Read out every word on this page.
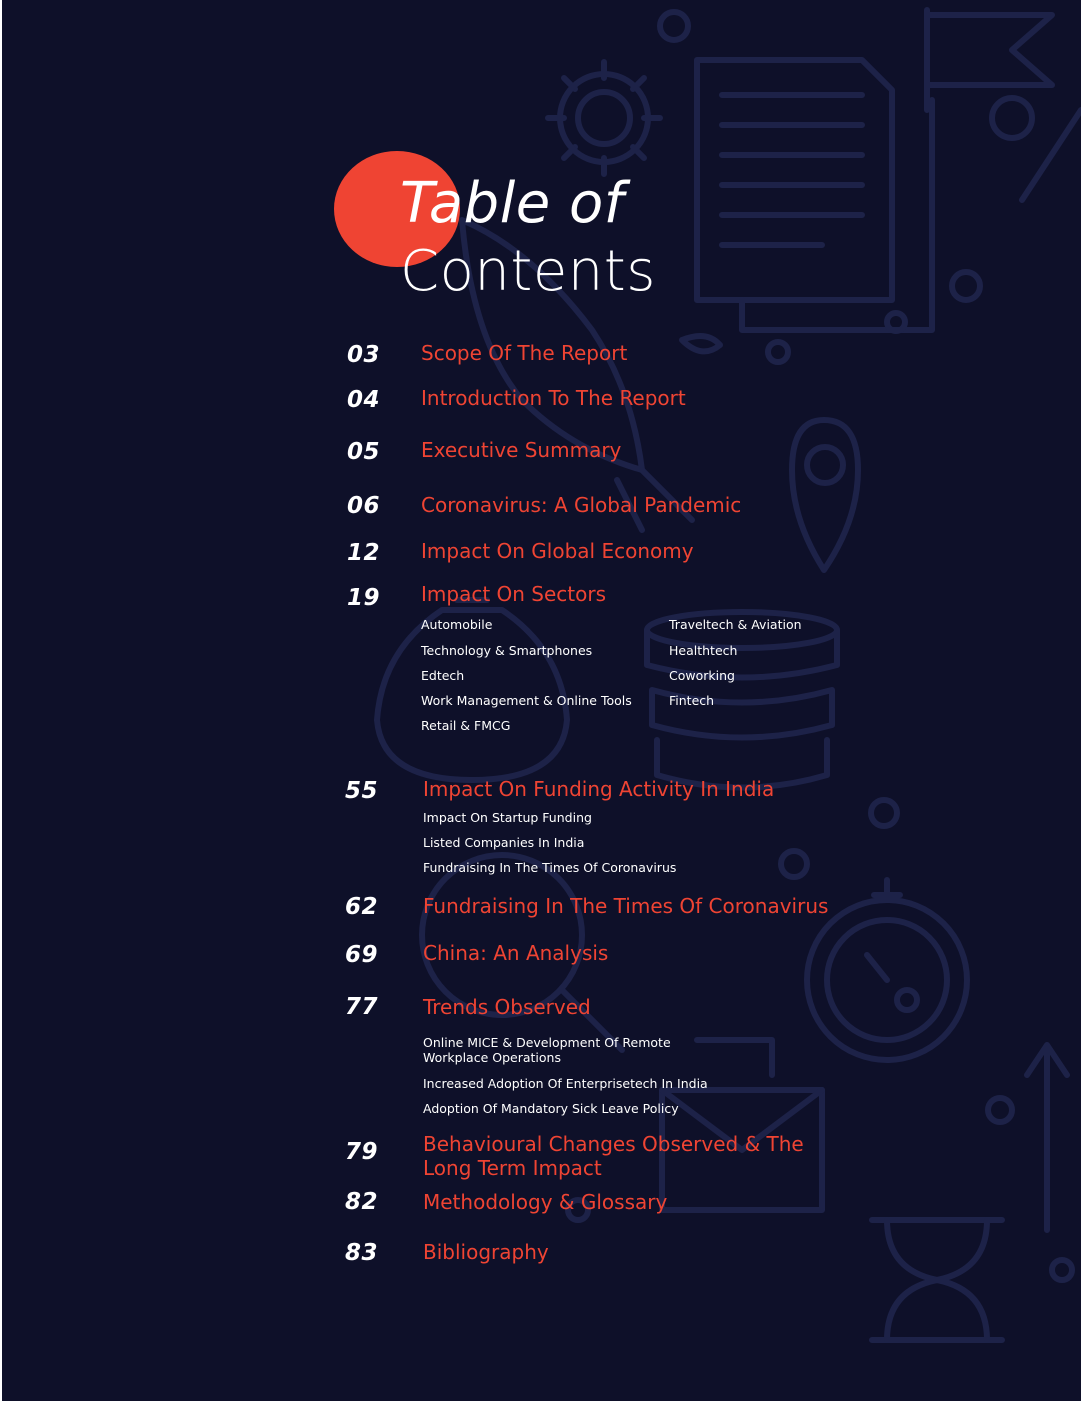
Table of
Contents
03 Scope Of The Report
04 Introduction To The Report
05 Executive Summary
06 Coronavirus: A Global Pandemic
12 Impact On Global Economy
19 Impact On Sectors
Automobile
Technology & Smartphones
Edtech
Work Management & Online Tools
Retail & FMCG
Traveltech & Aviation
Healthtech
Coworking
Fintech
55 Impact On Funding Activity In India
Impact On Startup Funding
Listed Companies In India
Fundraising In The Times Of Coronavirus
62 Fundraising In The Times Of Coronavirus
69 China: An Analysis
77 Trends Observed
Online MICE & Development Of Remote
Workplace Operations
Increased Adoption Of Enterprisetech In India
Adoption Of Mandatory Sick Leave Policy
79 Behavioural Changes Observed & The
Long Term Impact
82 Methodology & Glossary
83 Bibliography
